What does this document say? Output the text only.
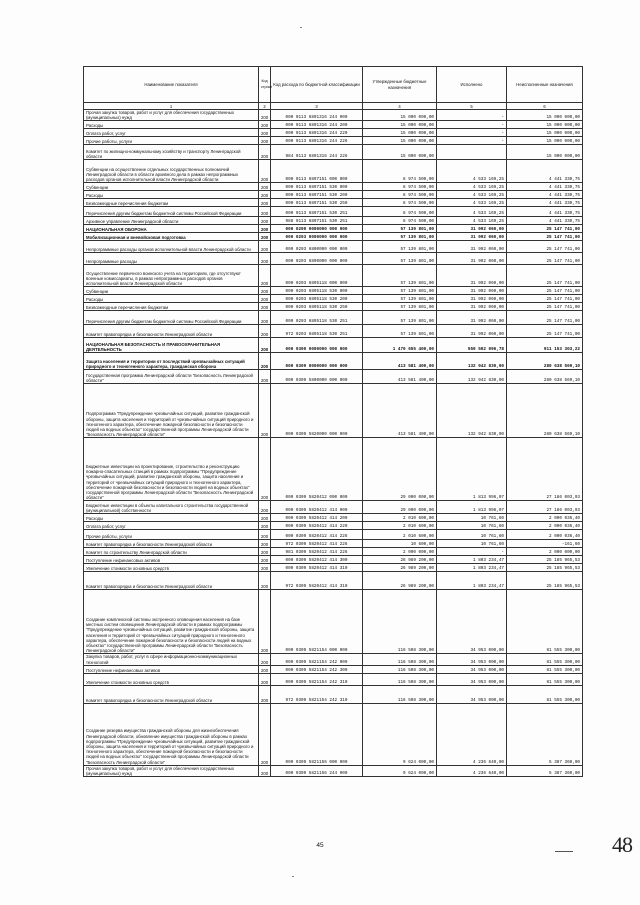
Наименование показателя	Код строки	Код расхода по бюджетной классификации	Утвержденные бюджетные назначения	Исполнено	Неисполненные назначения
1	2	3	4	5	6
Прочая закупка товаров, работ и услуг для обеспечения государственных (муниципальных) нужд	200	000 0113 6891316 244 000	15 000 000,00	-	15 000 000,00
Расходы	200	000 0113 6891316 244 200	15 000 000,00	-	15 000 000,00
Оплата работ, услуг	200	000 0113 6891316 244 220	15 000 000,00	-	15 000 000,00
Прочие работы, услуги	200	000 0113 6891316 244 226	15 000 000,00	-	15 000 000,00
Комитет по жилищно-коммунальному хозяйству и транспорту Ленинградской области	200	984 0113 6891316 244 226	15 000 000,00		15 000 000,00
Субвенции на осуществление отдельных государственных полномочий Ленинградской области в области архивного дела в рамках непрограммных расходов органов исполнительной власти Ленинградской области	200	000 0113 6897151 000 000	8 974 500,00	4 533 169,25	4 441 330,75
Субвенции	200	000 0113 6897151 530 000	8 974 500,00	4 533 169,25	4 441 330,75
Расходы	200	000 0113 6897151 530 200	8 974 500,00	4 533 169,25	4 441 330,75
Безвозмездные перечисления бюджетам	200	000 0113 6897151 530 250	8 974 500,00	4 533 169,25	4 441 330,75
Перечисления другим бюджетам бюджетной системы Российской Федерации	200	000 0113 6897151 530 251	8 974 500,00	4 533 169,25	4 441 330,75
Архивное управление Ленинградской области	200	988 0113 6897151 530 251	8 974 500,00	4 533 169,25	4 441 330,75
НАЦИОНАЛЬНАЯ ОБОРОНА	200	000 0200 0000000 000 000	57 139 801,00	31 992 060,00	25 147 741,00
Мобилизационная и вневойсковая подготовка	200	000 0203 0000000 000 000	57 139 801,00	31 992 060,00	25 147 741,00
Непрограммные расходы органов исполнительной власти Ленинградской области	200	000 0203 6800000 000 000	57 139 801,00	31 992 060,00	25 147 741,00
Непрограммные расходы	200	000 0203 6890000 000 000	57 139 801,00	31 992 060,00	25 147 741,00
Осуществление первичного воинского учета на территориях, где отсутствуют военные комиссариаты, в рамках непрограммных расходов органов исполнительной власти Ленинградской области	200	000 0203 6895118 000 000	57 139 801,00	31 992 060,00	25 147 741,00
Субвенции	200	000 0203 6895118 530 000	57 139 801,00	31 992 060,00	25 147 741,00
Расходы	200	000 0203 6895118 530 200	57 139 801,00	31 992 060,00	25 147 741,00
Безвозмездные перечисления бюджетам	200	000 0203 6895118 530 250	57 139 801,00	31 992 060,00	25 147 741,00
Перечисления другим бюджетам бюджетной системы Российской Федерации	200	000 0203 6895118 530 251	57 139 801,00	31 992 060,00	25 147 741,00
Комитет правопорядка и безопасности Ленинградской области	200	972 0203 6895118 530 251	57 139 801,00	31 992 060,00	25 147 741,00
НАЦИОНАЛЬНАЯ БЕЗОПАСНОСТЬ И ПРАВООХРАНИТЕЛЬНАЯ ДЕЯТЕЛЬНОСТЬ	200	000 0300 0000000 000 000	1 470 655 400,00	559 502 096,78	911 153 303,22
Защита населения и территории от последствий чрезвычайных ситуаций природного и техногенного характера, гражданская оборона	200	000 0309 0000000 000 000	413 581 400,00	132 942 830,90	280 638 569,10
Государственная программа Ленинградской области "Безопасность Ленинградской области"	200	000 0309 5800000 000 000	413 581 400,00	132 942 830,90	280 638 569,10
Подпрограмма "Предупреждение чрезвычайных ситуаций, развитие гражданской обороны, защита населения и территорий от чрезвычайных ситуаций природного и техногенного характера, обеспечение пожарной безопасности и безопасности людей на водных объектах" государственной программы Ленинградской области "Безопасность Ленинградской области"	200	000 0309 5820000 000 000	413 581 400,00	132 942 830,90	280 638 569,10
Бюджетные инвестиции на проектирование, строительство и реконструкцию пожарно-спасательных станций в рамках подпрограммы "Предупреждение чрезвычайных ситуаций, развитие гражданской обороны, защита населения и территорий от чрезвычайных ситуаций природного и техногенного характера, обеспечение пожарной безопасности и безопасности людей на водных объектах" государственной программы Ленинградской области "Безопасность Ленинградской области"	200	000 0309 5820412 000 000	29 000 000,00	1 813 996,07	27 186 003,93
Бюджетные инвестиции в объекты капитального строительства государственной (муниципальной) собственности	200	000 0309 5820412 414 000	29 000 000,00	1 813 996,07	27 186 003,93
Расходы	200	000 0309 5820412 414 200	2 010 600,00	10 761,60	2 000 036,40
Оплата работ, услуг	200	000 0309 5820412 414 220	2 010 600,00	10 761,60	2 000 036,40
Прочие работы, услуги	200	000 0309 5820412 414 226	2 010 600,00	10 761,60	2 000 036,40
Комитет правопорядка и безопасности Ленинградской области	200	972 0309 5820412 414 226	10 600,00	10 761,60	-161,60
Комитет по строительству Ленинградской области	200	981 0309 5820412 414 226	2 000 000,00	-	2 000 000,00
Поступление нефинансовых активов	200	000 0309 5820412 414 300	26 989 200,00	1 803 234,47	25 185 965,53
Увеличение стоимости основных средств	200	000 0309 5820412 414 310	26 989 200,00	1 803 234,47	25 185 965,53
Комитет правопорядка и безопасности Ленинградской области	200	972 0309 5820412 414 310	26 989 200,00	1 803 234,47	25 185 965,53
Создание комплексной системы экстренного оповещения населения на базе местных систем оповещения Ленинградской области в рамках подпрограммы "Предупреждение чрезвычайных ситуаций, развитие гражданской обороны, защита населения и территорий от чрезвычайных ситуаций природного и техногенного характера, обеспечение пожарной безопасности и безопасности людей на водных объектах" государственной программы Ленинградской области "Безопасность Ленинградской области"	200	000 0309 5821154 000 000	116 508 300,00	34 953 000,00	81 555 300,00
Закупка товаров, работ, услуг в сфере информационно-коммуникационных технологий	200	000 0309 5821154 242 000	116 508 300,00	34 953 000,00	81 555 300,00
Поступление нефинансовых активов	200	000 0309 5821154 242 300	116 508 300,00	34 953 000,00	81 555 300,00
Увеличение стоимости основных средств	200	000 0309 5821154 242 310	116 508 300,00	34 953 000,00	81 555 300,00
Комитет правопорядка и безопасности Ленинградской области	200	972 0309 5821154 242 310	116 508 300,00	34 953 000,00	81 555 300,00
Создание резерва имущества гражданской обороны для жизнеобеспечения Ленинградской области, обновление имущества гражданской обороны в рамках подпрограммы "Предупреждение чрезвычайных ситуаций, развитие гражданской обороны, защита населения и территорий от чрезвычайных ситуаций природного и техногенного характера, обеспечение пожарной безопасности и безопасности людей на водных объектах" государственной программы Ленинградской области "Безопасность Ленинградской области"	200	000 0309 5821156 000 000	9 624 000,00	4 236 640,00	5 387 360,00
Прочая закупка товаров, работ и услуг для обеспечения государственных (муниципальных) нужд	200	000 0309 5821156 244 000	9 624 000,00	4 236 640,00	5 387 360,00
45	48
